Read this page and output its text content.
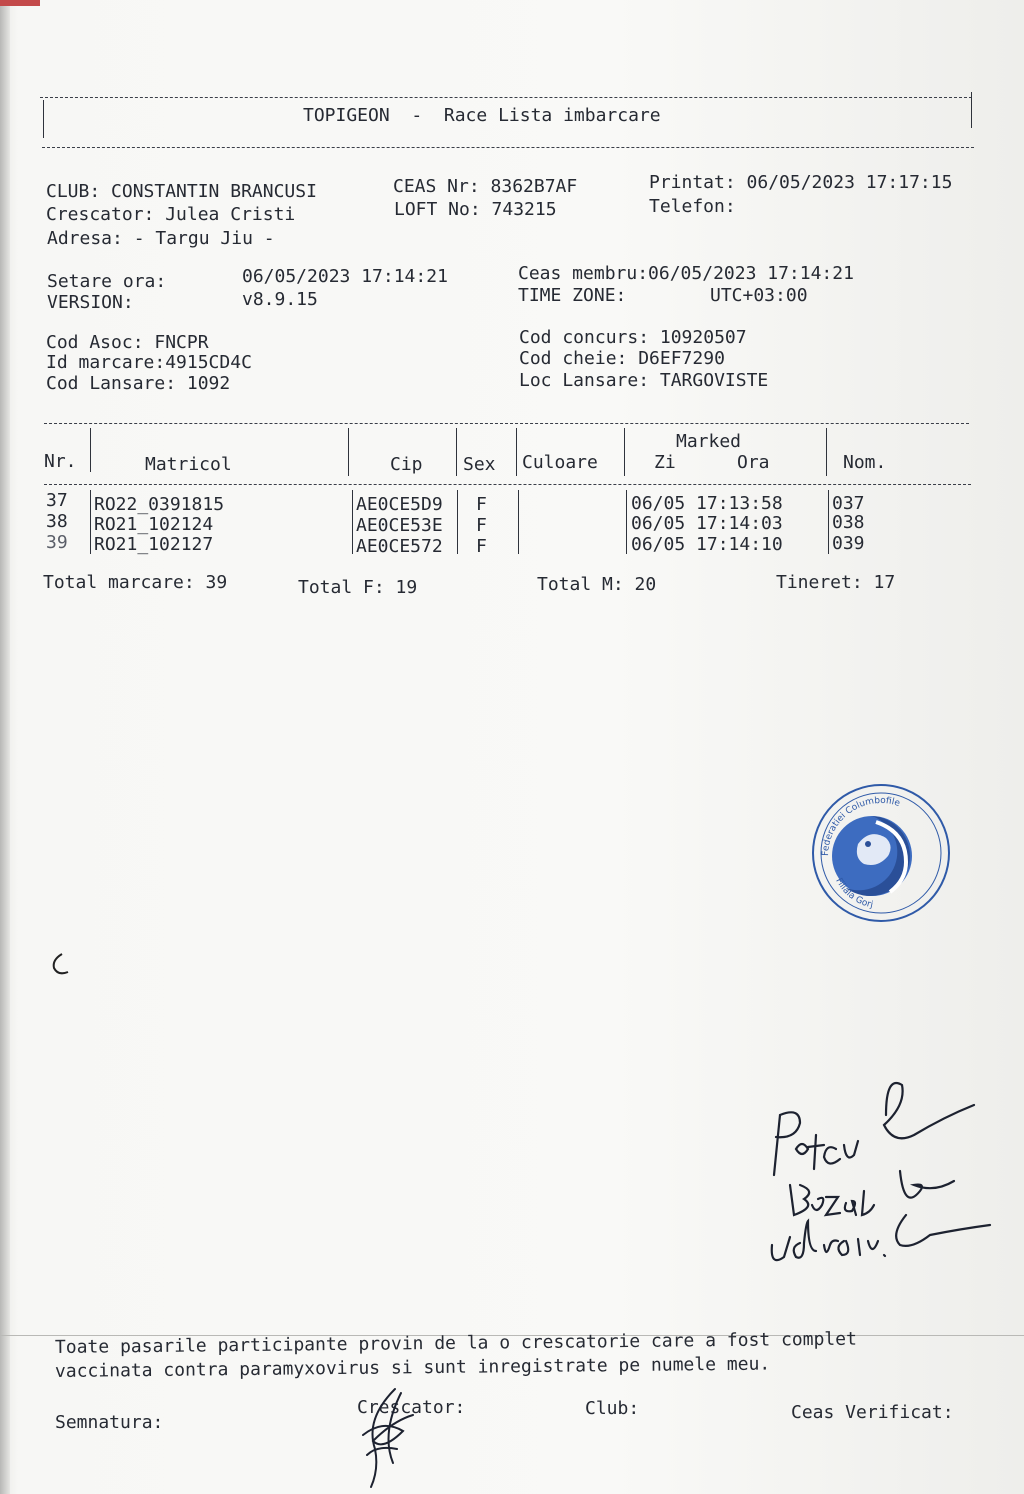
TOPIGEON  -  Race Lista imbarcare
CLUB: CONSTANTIN BRANCUSI
Crescator: Julea Cristi
Adresa: - Targu Jiu -
CEAS Nr: 8362B7AF
LOFT No: 743215
Printat: 06/05/2023 17:17:15
Telefon:
Setare ora:	06/05/2023 17:14:21
VERSION:	v8.9.15
Ceas membru:06/05/2023 17:14:21
TIME ZONE:	UTC+03:00
Cod Asoc: FNCPR
Id marcare:4915CD4C
Cod Lansare: 1092
Cod concurs: 10920507
Cod cheie: D6EF7290
Loc Lansare: TARGOVISTE
Nr.	Matricol	Cip Sex Culoare
Marked
Zi	Ora	Nom.
37 RO22_0391815	AE0CE5D9 F	06/05 17:13:58	037
38 RO21_102124	AE0CE53E F	06/05 17:14:03	038
39 RO21_102127	AE0CE572 F	06/05 17:14:10	039
Total marcare: 39	Total F: 19	Total M: 20	Tineret: 17
Federatiei Columbofile
Filiala Gorj
Petcu
Toate pasarile participante provin de la o crescatorie care a fost complet
vaccinata contra paramyxovirus si sunt inregistrate pe numele meu.
Semnatura:
Crescator:	Club:	Ceas Verificat:
